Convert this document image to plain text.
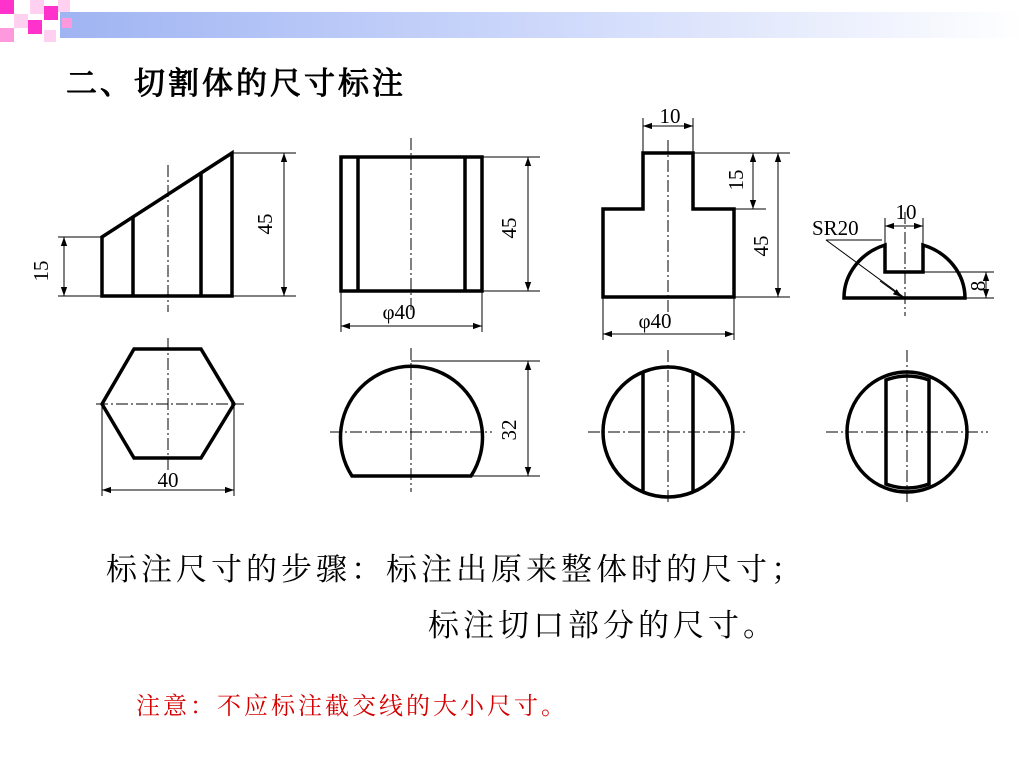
二、切割体的尺寸标注
15
45
40
45
φ40
32
10
15
45
φ40
SR20
10
8

标注尺寸的步骤：标注出原来整体时的尺寸；

标注切口部分的尺寸。

注意：不应标注截交线的大小尺寸。
